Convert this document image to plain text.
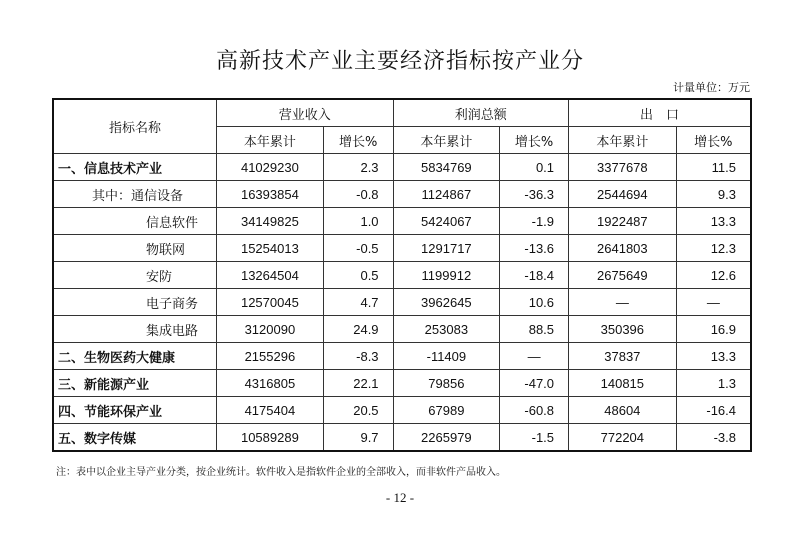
高新技术产业主要经济指标按产业分
计量单位：万元
指标名称	营业收入		利润总额		出　口	
	本年累计	增长%	本年累计	增长%	本年累计	增长%
一、信息技术产业	41029230	2.3	5834769	0.1	3377678	11.5
其中：通信设备	16393854	-0.8	1124867	-36.3	2544694	9.3
信息软件	34149825	1.0	5424067	-1.9	1922487	13.3
物联网	15254013	-0.5	1291717	-13.6	2641803	12.3
安防	13264504	0.5	1199912	-18.4	2675649	12.6
电子商务	12570045	4.7	3962645	10.6	—	—
集成电路	3120090	24.9	253083	88.5	350396	16.9
二、生物医药大健康	2155296	-8.3	-11409	—	37837	13.3
三、新能源产业	4316805	22.1	79856	-47.0	140815	1.3
四、节能环保产业	4175404	20.5	67989	-60.8	48604	-16.4
五、数字传媒	10589289	9.7	2265979	-1.5	772204	-3.8
注：表中以企业主导产业分类，按企业统计。软件收入是指软件企业的全部收入，而非软件产品收入。
- 12 -
